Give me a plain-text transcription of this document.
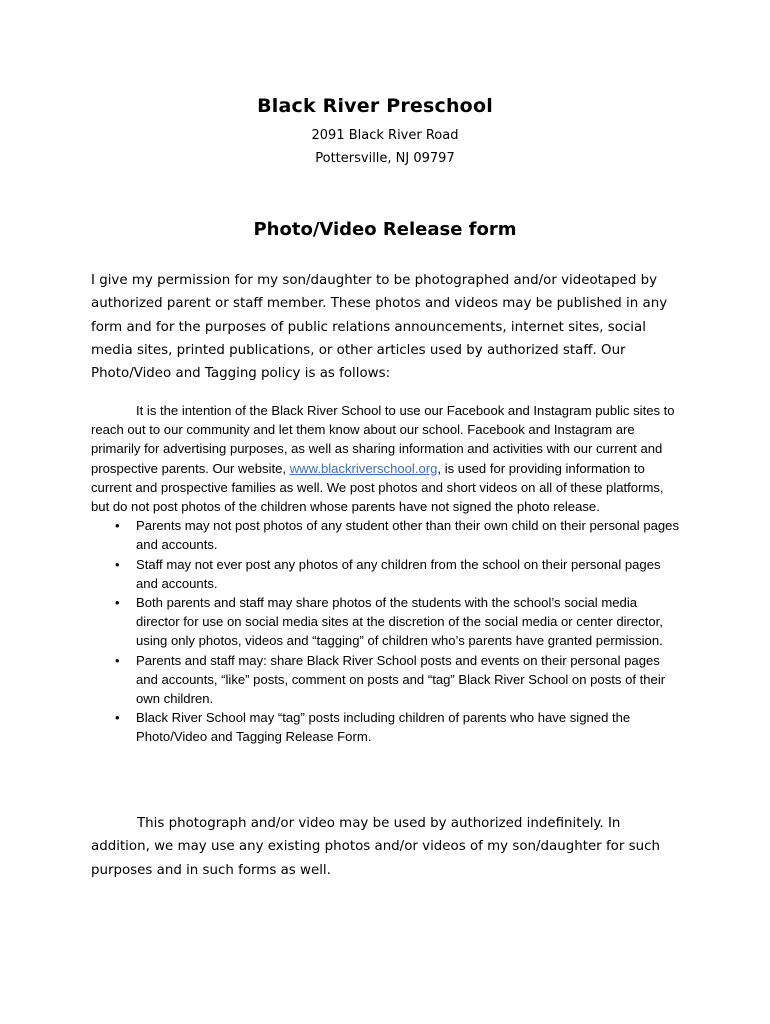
Black River Preschool
2091 Black River Road
Pottersville, NJ 09797
Photo/Video Release form

I give my permission for my son/daughter to be photographed and/or videotaped by authorized parent or staff member. These photos and videos may be published in any form and for the purposes of public relations announcements, internet sites, social media sites, printed publications, or other articles used by authorized staff. Our Photo/Video and Tagging policy is as follows:

It is the intention of the Black River School to use our Facebook and Instagram public sites to reach out to our community and let them know about our school. Facebook and Instagram are primarily for advertising purposes, as well as sharing information and activities with our current and prospective parents. Our website, www.blackriverschool.org, is used for providing information to current and prospective families as well. We post photos and short videos on all of these platforms, but do not post photos of the children whose parents have not signed the photo release.

• Parents may not post photos of any student other than their own child on their personal pages and accounts.
• Staff may not ever post any photos of any children from the school on their personal pages and accounts.
• Both parents and staff may share photos of the students with the school’s social media director for use on social media sites at the discretion of the social media or center director, using only photos, videos and “tagging” of children who’s parents have granted permission.
• Parents and staff may: share Black River School posts and events on their personal pages and accounts, “like” posts, comment on posts and “tag” Black River School on posts of their own children.
• Black River School may “tag” posts including children of parents who have signed the Photo/Video and Tagging Release Form.

This photograph and/or video may be used by authorized indefinitely. In addition, we may use any existing photos and/or videos of my son/daughter for such purposes and in such forms as well.
